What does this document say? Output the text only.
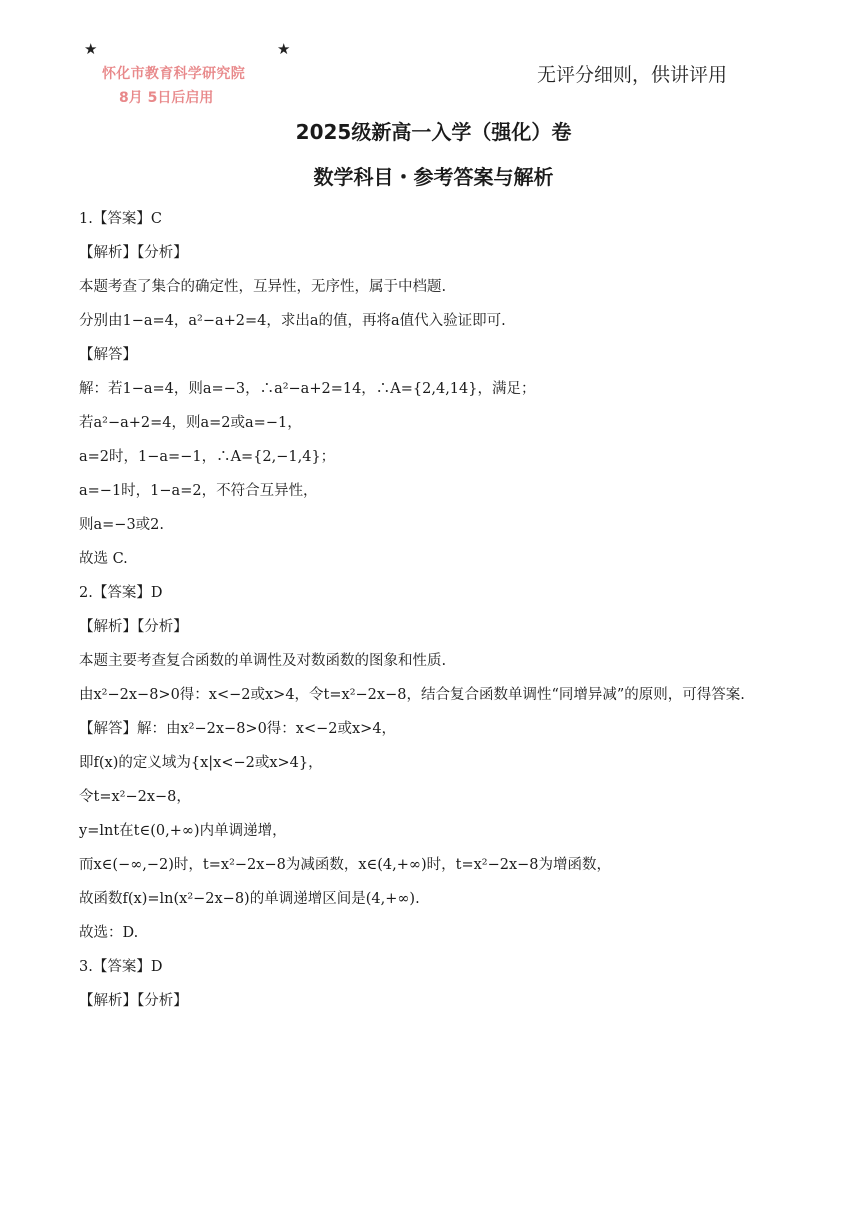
★	★
怀化市教育科学研究院
8月 5日后启用
无评分细则，供讲评用
2025级新高一入学（强化）卷
数学科目・参考答案与解析
1.【答案】C
【解析】【分析】
本题考查了集合的确定性，互异性，无序性，属于中档题.
分别由1−a=4，a²−a+2=4，求出a的值，再将a值代入验证即可.
【解答】
解：若1−a=4，则a=−3，∴a²−a+2=14，∴A={2,4,14}，满足；
若a²−a+2=4，则a=2或a=−1，
a=2时，1−a=−1，∴A={2,−1,4}；
a=−1时，1−a=2，不符合互异性，
则a=−3或2.
故选 C.
2.【答案】D
【解析】【分析】
本题主要考查复合函数的单调性及对数函数的图象和性质.
由x²−2x−8>0得：x<−2或x>4，令t=x²−2x−8，结合复合函数单调性“同增异减”的原则，可得答案.
【解答】解：由x²−2x−8>0得：x<−2或x>4，
即f(x)的定义域为{x|x<−2或x>4}，
令t=x²−2x−8，
y=lnt在t∈(0,+∞)内单调递增，
而x∈(−∞,−2)时，t=x²−2x−8为减函数，x∈(4,+∞)时，t=x²−2x−8为增函数，
故函数f(x)=ln(x²−2x−8)的单调递增区间是(4,+∞).
故选：D.
3.【答案】D
【解析】【分析】
